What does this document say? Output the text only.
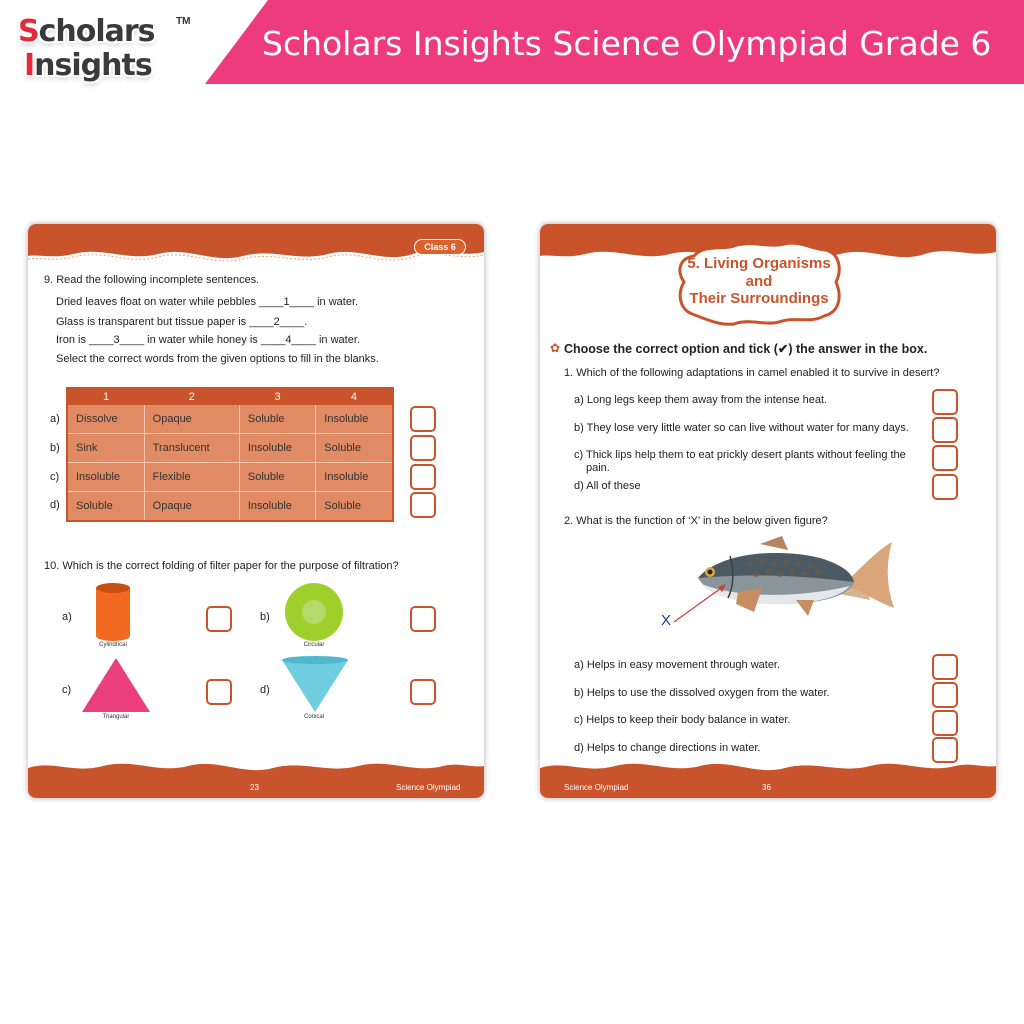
Scholars
Insights
TM
Scholars Insights Science Olympiad Grade 6
Class 6
9. Read the following incomplete sentences.
Dried leaves float on water while pebbles ____1____ in water.
Glass is transparent but tissue paper is ____2____.
Iron is ____3____ in water while honey is ____4____ in water.
Select the correct words from the given options to fill in the blanks.
1	2	3	4
Dissolve	Opaque	Soluble	Insoluble
Sink	Translucent	Insoluble	Soluble
Insoluble	Flexible	Soluble	Insoluble
Soluble	Opaque	Insoluble	Soluble
a)
b)
c)
d)
10. Which is the correct folding of filter paper for the purpose of filtration?
a)
Cylindrical
b)
Circular
c)
Triangular
d)
Conical
23	Science Olympiad
5. Living Organisms
and
Their Surroundings
✿ Choose the correct option and tick (✔) the answer in the box.
1. Which of the following adaptations in camel enabled it to survive in desert?
a) Long legs keep them away from the intense heat.
b) They lose very little water so can live without water for many days.
c) Thick lips help them to eat prickly desert plants without feeling the
pain.
d) All of these
2. What is the function of ‘X’ in the below given figure?
X
a) Helps in easy movement through water.
b) Helps to use the dissolved oxygen from the water.
c) Helps to keep their body balance in water.
d) Helps to change directions in water.
Science Olympiad	36
